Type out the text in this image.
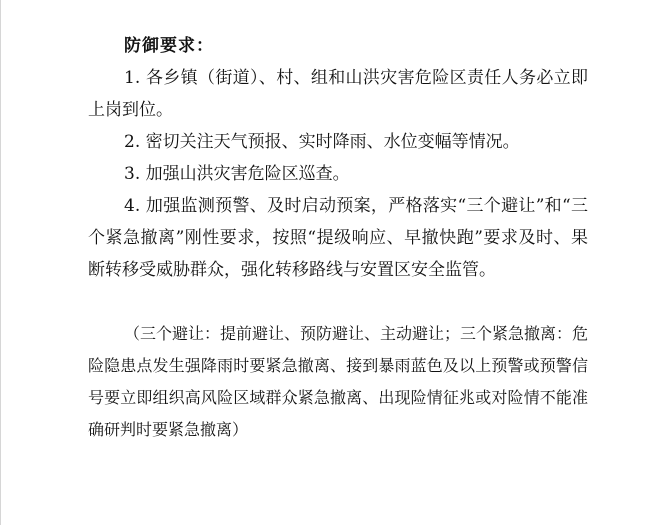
防御要求：

1. 各乡镇（街道）、村、组和山洪灾害危险区责任人务必立即上岗到位。

2. 密切关注天气预报、实时降雨、水位变幅等情况。

3. 加强山洪灾害危险区巡查。

4. 加强监测预警、及时启动预案，严格落实“三个避让”和“三个紧急撤离”刚性要求，按照“提级响应、早撤快跑”要求及时、果断转移受威胁群众，强化转移路线与安置区安全监管。

（三个避让：提前避让、预防避让、主动避让；三个紧急撤离：危险隐患点发生强降雨时要紧急撤离、接到暴雨蓝色及以上预警或预警信号要立即组织高风险区域群众紧急撤离、出现险情征兆或对险情不能准确研判时要紧急撤离）
